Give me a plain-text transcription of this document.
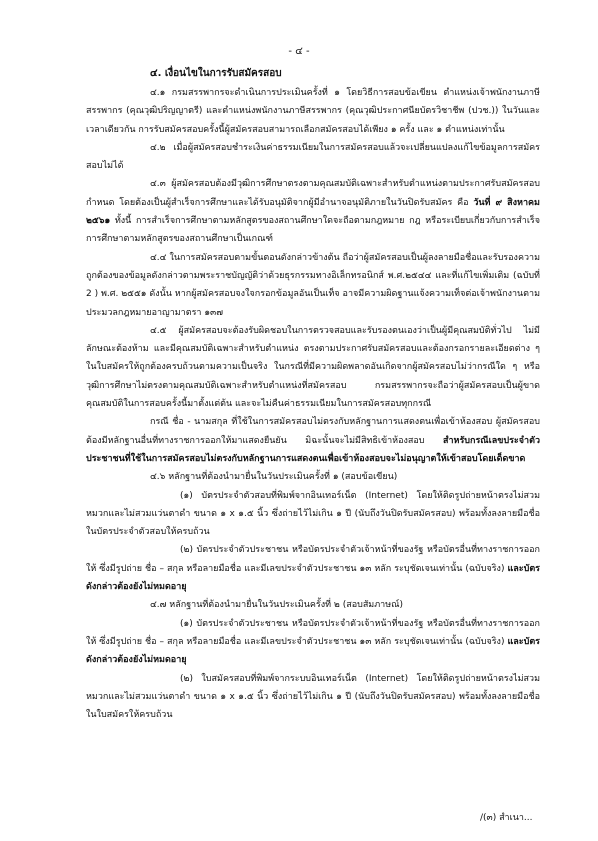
- ๔ -
๔. เงื่อนไขในการรับสมัครสอบ

๔.๑ กรมสรรพากรจะดำเนินการประเมินครั้งที่ ๑ โดยวิธีการสอบข้อเขียน ตำแหน่งเจ้าพนักงานภาษีสรรพากร (คุณวุฒิปริญญาตรี) และตำแหน่งพนักงานภาษีสรรพากร (คุณวุฒิประกาศนียบัตรวิชาชีพ (ปวช.)) ในวันและเวลาเดียวกัน การรับสมัครสอบครั้งนี้ผู้สมัครสอบสามารถเลือกสมัครสอบได้เพียง ๑ ครั้ง และ ๑ ตำแหน่งเท่านั้น

๔.๒ เมื่อผู้สมัครสอบชำระเงินค่าธรรมเนียมในการสมัครสอบแล้วจะเปลี่ยนแปลงแก้ไขข้อมูลการสมัครสอบไม่ได้

๔.๓ ผู้สมัครสอบต้องมีวุฒิการศึกษาตรงตามคุณสมบัติเฉพาะสำหรับตำแหน่งตามประกาศรับสมัครสอบกำหนด โดยต้องเป็นผู้สำเร็จการศึกษาและได้รับอนุมัติจากผู้มีอำนาจอนุมัติภายในวันปิดรับสมัคร คือ วันที่ ๙ สิงหาคม ๒๕๖๑ ทั้งนี้ การสำเร็จการศึกษาตามหลักสูตรของสถานศึกษาใดจะถือตามกฎหมาย กฎ หรือระเบียบเกี่ยวกับการสำเร็จการศึกษาตามหลักสูตรของสถานศึกษาเป็นเกณฑ์

๔.๔ ในการสมัครสอบตามขั้นตอนดังกล่าวข้างต้น ถือว่าผู้สมัครสอบเป็นผู้ลงลายมือชื่อและรับรองความถูกต้องของข้อมูลดังกล่าวตามพระราชบัญญัติว่าด้วยธุรกรรมทางอิเล็กทรอนิกส์ พ.ศ.๒๕๔๔ และที่แก้ไขเพิ่มเติม (ฉบับที่ 2 ) พ.ศ. ๒๕๕๑ ดังนั้น หากผู้สมัครสอบจงใจกรอกข้อมูลอันเป็นเท็จ อาจมีความผิดฐานแจ้งความเท็จต่อเจ้าพนักงานตามประมวลกฎหมายอาญามาตรา ๑๓๗

๔.๕ ผู้สมัครสอบจะต้องรับผิดชอบในการตรวจสอบและรับรองตนเองว่าเป็นผู้มีคุณสมบัติทั่วไป ไม่มีลักษณะต้องห้าม และมีคุณสมบัติเฉพาะสำหรับตำแหน่ง ตรงตามประกาศรับสมัครสอบและต้องกรอกรายละเอียดต่าง ๆ ในใบสมัครให้ถูกต้องครบถ้วนตามความเป็นจริง ในกรณีที่มีความผิดพลาดอันเกิดจากผู้สมัครสอบไม่ว่ากรณีใด ๆ หรือวุฒิการศึกษาไม่ตรงตามคุณสมบัติเฉพาะสำหรับตำแหน่งที่สมัครสอบ กรมสรรพากรจะถือว่าผู้สมัครสอบเป็นผู้ขาดคุณสมบัติในการสอบครั้งนี้มาตั้งแต่ต้น และจะไม่คืนค่าธรรมเนียมในการสมัครสอบทุกกรณี

กรณี ชื่อ - นามสกุล ที่ใช้ในการสมัครสอบไม่ตรงกับหลักฐานการแสดงตนเพื่อเข้าห้องสอบ ผู้สมัครสอบต้องมีหลักฐานอื่นที่ทางราชการออกให้มาแสดงยืนยัน มิฉะนั้นจะไม่มีสิทธิเข้าห้องสอบ สำหรับกรณีเลขประจำตัวประชาชนที่ใช้ในการสมัครสอบไม่ตรงกับหลักฐานการแสดงตนเพื่อเข้าห้องสอบจะไม่อนุญาตให้เข้าสอบโดยเด็ดขาด

๔.๖ หลักฐานที่ต้องนำมายื่นในวันประเมินครั้งที่ ๑ (สอบข้อเขียน)

(๑) บัตรประจำตัวสอบที่พิมพ์จากอินเทอร์เน็ต (Internet) โดยให้ติดรูปถ่ายหน้าตรงไม่สวมหมวกและไม่สวมแว่นตาดำ ขนาด ๑ x ๑.๕ นิ้ว ซึ่งถ่ายไว้ไม่เกิน ๑ ปี (นับถึงวันปิดรับสมัครสอบ) พร้อมทั้งลงลายมือชื่อในบัตรประจำตัวสอบให้ครบถ้วน

(๒) บัตรประจำตัวประชาชน หรือบัตรประจำตัวเจ้าหน้าที่ของรัฐ หรือบัตรอื่นที่ทางราชการออกให้ ซึ่งมีรูปถ่าย ชื่อ – สกุล หรือลายมือชื่อ และมีเลขประจำตัวประชาชน ๑๓ หลัก ระบุชัดเจนเท่านั้น (ฉบับจริง) และบัตรดังกล่าวต้องยังไม่หมดอายุ

๔.๗ หลักฐานที่ต้องนำมายื่นในวันประเมินครั้งที่ ๒ (สอบสัมภาษณ์)

(๑) บัตรประจำตัวประชาชน หรือบัตรประจำตัวเจ้าหน้าที่ของรัฐ หรือบัตรอื่นที่ทางราชการออกให้ ซึ่งมีรูปถ่าย ชื่อ – สกุล หรือลายมือชื่อ และมีเลขประจำตัวประชาชน ๑๓ หลัก ระบุชัดเจนเท่านั้น (ฉบับจริง) และบัตรดังกล่าวต้องยังไม่หมดอายุ

(๒) ใบสมัครสอบที่พิมพ์จากระบบอินเทอร์เน็ต (Internet) โดยให้ติดรูปถ่ายหน้าตรงไม่สวมหมวกและไม่สวมแว่นตาดำ ขนาด ๑ x ๑.๕ นิ้ว ซึ่งถ่ายไว้ไม่เกิน ๑ ปี (นับถึงวันปิดรับสมัครสอบ) พร้อมทั้งลงลายมือชื่อในใบสมัครให้ครบถ้วน

/(๓) สำเนา...
